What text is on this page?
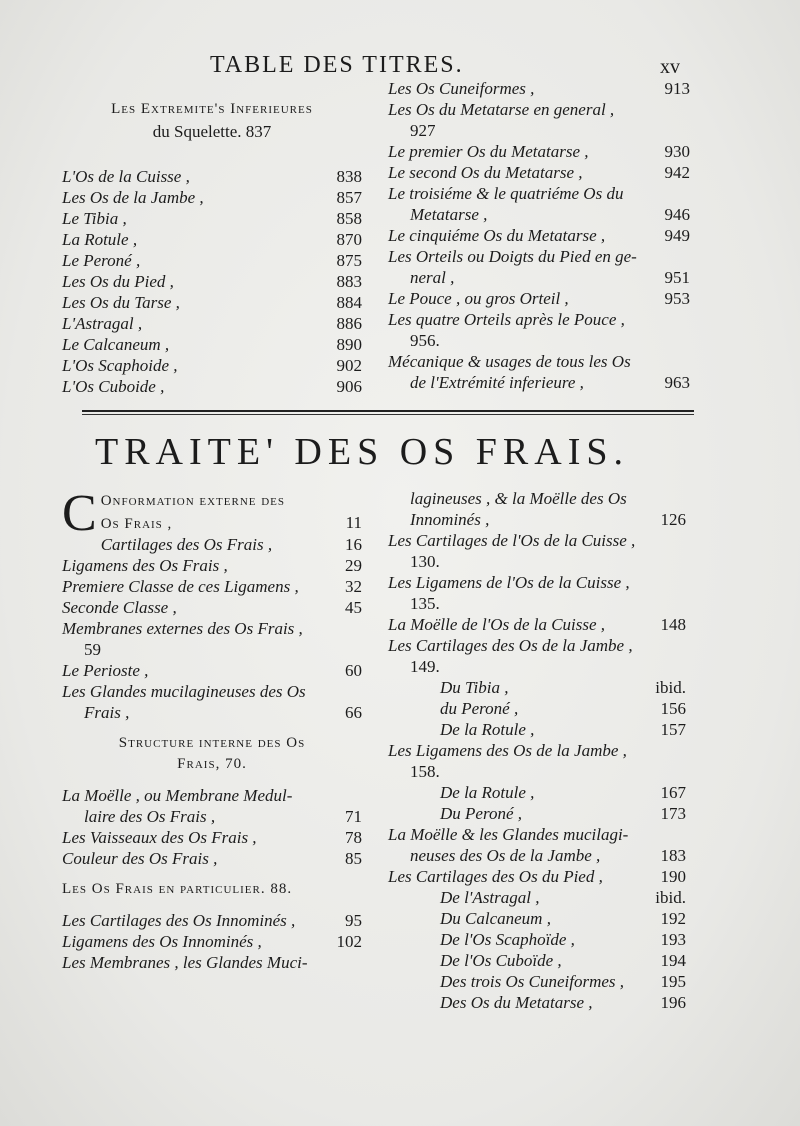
TABLE DES TITRES.	xv
Les Extremite's Inferieures
du Squelette. 837
L'Os de la Cuisse ,	838
Les Os de la Jambe ,	857
Le Tibia ,	858
La Rotule ,	870
Le Peroné ,	875
Les Os du Pied ,	883
Les Os du Tarse ,	884
L'Astragal ,	886
Le Calcaneum ,	890
L'Os Scaphoide ,	902
L'Os Cuboide ,	906
Les Os Cuneiformes ,	913
Les Os du Metatarse en general ,
927
Le premier Os du Metatarse ,	930
Le second Os du Metatarse ,	942
Le troisiéme & le quatriéme Os du
Metatarse ,	946
Le cinquiéme Os du Metatarse ,	949
Les Orteils ou Doigts du Pied en ge-
neral ,	951
Le Pouce , ou gros Orteil ,	953
Les quatre Orteils après le Pouce ,
956.
Mécanique & usages de tous les Os
de l'Extrémité inferieure ,	963
TRAITE' DES OS FRAIS.
C Onformation externe des
Os Frais ,	11
Cartilages des Os Frais ,	16
Ligamens des Os Frais ,	29
Premiere Classe de ces Ligamens ,	32
Seconde Classe ,	45
Membranes externes des Os Frais ,
59
Le Perioste ,	60
Les Glandes mucilagineuses des Os
Frais ,	66
Structure interne des Os
Frais, 70.
La Moëlle , ou Membrane Medul-
laire des Os Frais ,	71
Les Vaisseaux des Os Frais ,	78
Couleur des Os Frais ,	85
Les Os Frais en particulier. 88.
Les Cartilages des Os Innominés ,	95
Ligamens des Os Innominés ,	102
Les Membranes , les Glandes Muci-
lagineuses , & la Moëlle des Os
Innominés ,	126
Les Cartilages de l'Os de la Cuisse ,
130.
Les Ligamens de l'Os de la Cuisse ,
135.
La Moëlle de l'Os de la Cuisse ,	148
Les Cartilages des Os de la Jambe ,
149.
Du Tibia ,	ibid.
du Peroné ,	156
De la Rotule ,	157
Les Ligamens des Os de la Jambe ,
158.
De la Rotule ,	167
Du Peroné ,	173
La Moëlle & les Glandes mucilagi-
neuses des Os de la Jambe ,	183
Les Cartilages des Os du Pied ,	190
De l'Astragal ,	ibid.
Du Calcaneum ,	192
De l'Os Scaphoïde ,	193
De l'Os Cuboïde ,	194
Des trois Os Cuneiformes , 195
Des Os du Metatarse ,	196
